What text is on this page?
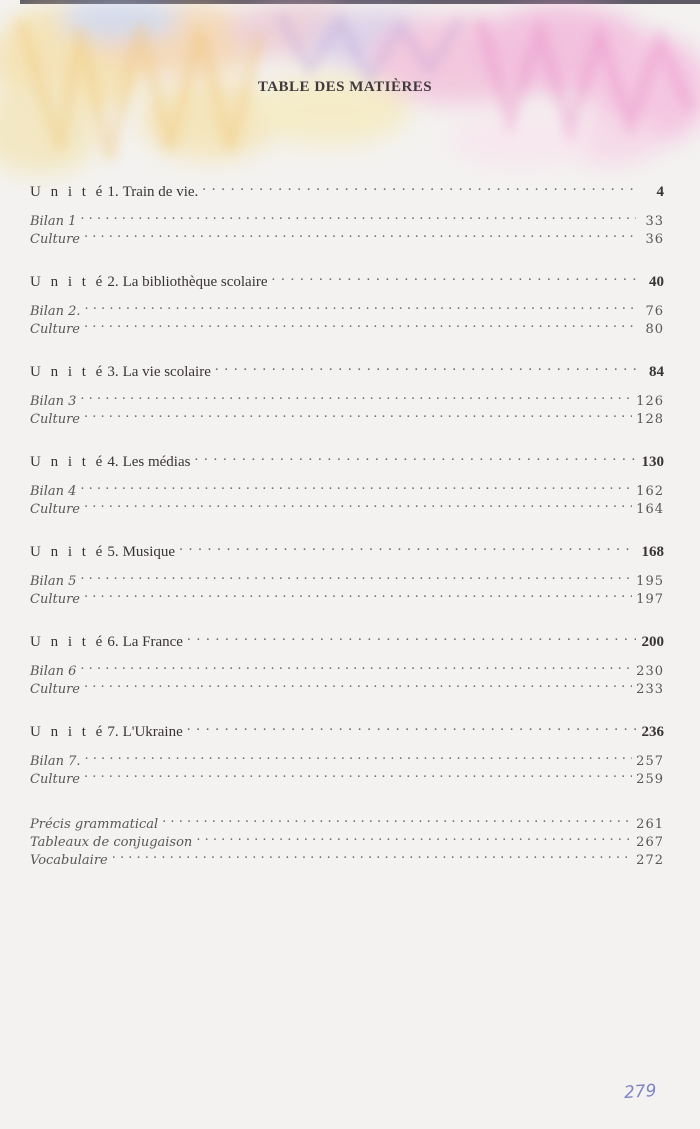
TABLE DES MATIÈRES
U n i t é 1. Train de vie. . . .	4
Bilan 1 . . .	33
Culture . . .	36
U n i t é 2. La bibliothèque scolaire . . .	40
Bilan 2. . . .	76
Culture . . .	80
U n i t é 3. La vie scolaire . . .	84
Bilan 3 . . .	126
Culture . . .	128
U n i t é 4. Les médias . . .	130
Bilan 4 . . .	162
Culture . . .	164
U n i t é 5. Musique . . .	168
Bilan 5 . . .	195
Culture . . .	197
U n i t é 6. La France . . .	200
Bilan 6 . . .	230
Culture . . .	233
U n i t é 7. L'Ukraine . . .	236
Bilan 7. . . .	257
Culture . . .	259
Précis grammatical . . .	261
Tableaux de conjugaison . . .	267
Vocabulaire . . .	272
279
